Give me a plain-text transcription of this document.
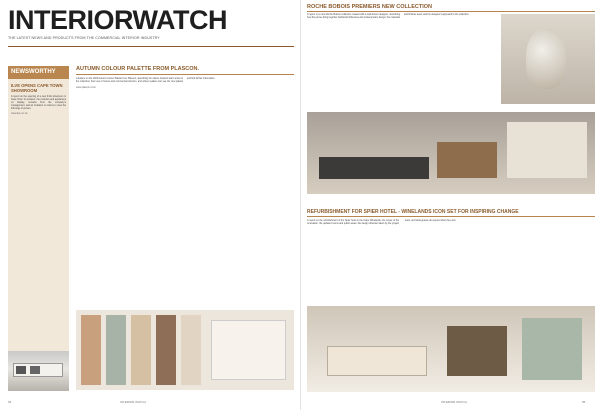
INTERIORWATCH
THE LATEST NEWS AND PRODUCTS FROM THE COMMERCIAL INTERIOR INDUSTRY
NEWSWORTHY
ILVE OPENS CAPE TOWN SHOWROOM

A report on the opening of a new ILVE showroom in Cape Town: its location, the products and appliances on display, remarks from the company's management, and an invitation to visitors to view the full range in person.

www.ilve.co.za
AUTUMN COLOUR PALETTE FROM PLASCON.

A feature on the 2020 Autumn Colour Palette from Plascon, describing the nature-inspired warm tones in the collection, their use in homes and commercial interiors, and where readers can see the new palette and find further information.

www.plascon.com
94	INTERIOR WATCH
ROCHE BOBOIS PREMIERS NEW COLLECTION

A report on a new Roche Bobois collection created with a well-known designer, describing how the pieces bring together traditional influences and contemporary design, the materials and finishes used, and the designer's approach to the collection.

REFURBISHMENT FOR SPIER HOTEL - WINELANDS ICON SET FOR INSPIRING CHANGE

A report on the refurbishment of the Spier hotel in the Cape Winelands: the scope of the renovation, the updated rooms and public areas, the design direction taken by the project team, and what guests can expect when they visit.

INTERIOR WATCH	95
